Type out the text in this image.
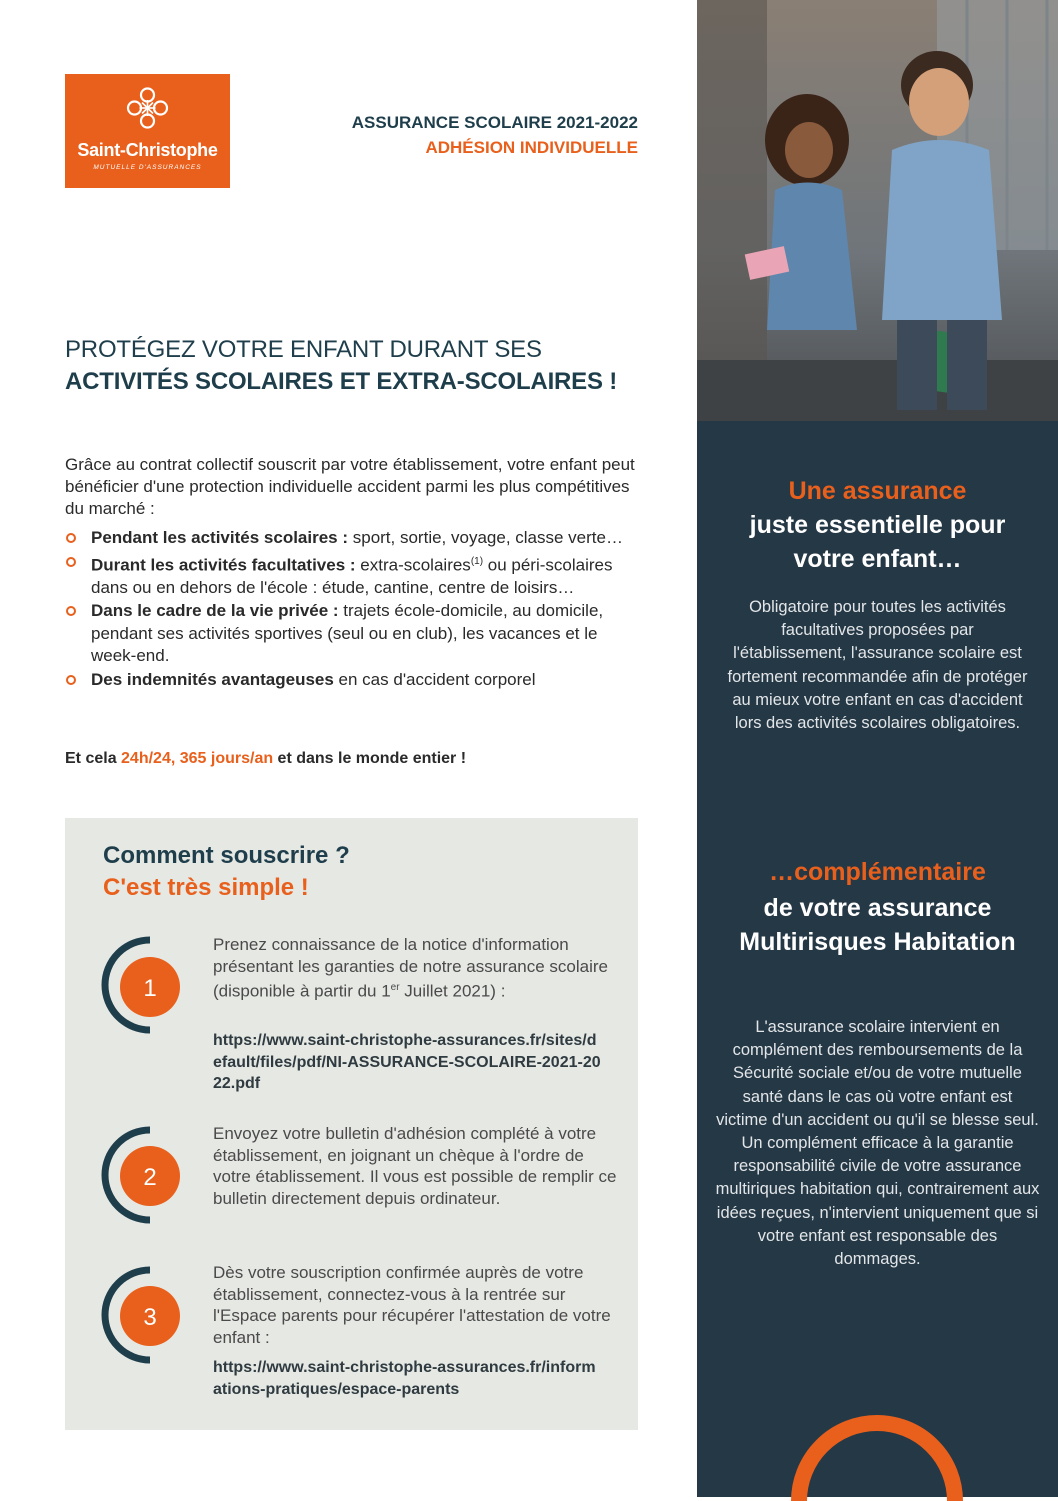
Saint-Christophe
MUTUELLE D'ASSURANCES
ASSURANCE SCOLAIRE 2021-2022
ADHÉSION INDIVIDUELLE
PROTÉGEZ VOTRE ENFANT DURANT SES
ACTIVITÉS SCOLAIRES ET EXTRA-SCOLAIRES !
Grâce au contrat collectif souscrit par votre établissement, votre enfant peut bénéficier d'une protection individuelle accident parmi les plus compétitives du marché :
Pendant les activités scolaires : sport, sortie, voyage, classe verte…
Durant les activités facultatives : extra-scolaires$^{(1)}$ ou péri-scolaires dans ou en dehors de l'école : étude, cantine, centre de loisirs…
Dans le cadre de la vie privée : trajets école-domicile, au domicile, pendant ses activités sportives (seul ou en club), les vacances et le week-end.
Des indemnités avantageuses en cas d'accident corporel
Et cela 24h/24, 365 jours/an et dans le monde entier !
Comment souscrire ?
C'est très simple !
1
Prenez connaissance de la notice d'information présentant les garanties de notre assurance scolaire (disponible à partir du 1er Juillet 2021) :
https://www.saint-christophe-assurances.fr/sites/default/files/pdf/NI-ASSURANCE-SCOLAIRE-2021-2022.pdf
2
Envoyez votre bulletin d'adhésion complété à votre établissement, en joignant un chèque à l'ordre de votre établissement. Il vous est possible de remplir ce bulletin directement depuis ordinateur.
3
Dès votre souscription confirmée auprès de votre établissement, connectez-vous à la rentrée sur l'Espace parents pour récupérer l'attestation de votre enfant :
https://www.saint-christophe-assurances.fr/informations-pratiques/espace-parents
Une assurance
juste essentielle pour votre enfant…
Obligatoire pour toutes les activités facultatives proposées par l'établissement, l'assurance scolaire est fortement recommandée afin de protéger au mieux votre enfant en cas d'accident lors des activités scolaires obligatoires.
…complémentaire
de votre assurance Multirisques Habitation
L'assurance scolaire intervient en complément des remboursements de la Sécurité sociale et/ou de votre mutuelle santé dans le cas où votre enfant est victime d'un accident ou qu'il se blesse seul. Un complément efficace à la garantie responsabilité civile de votre assurance multiriques habitation qui, contrairement aux idées reçues, n'intervient uniquement que si votre enfant est responsable des dommages.
